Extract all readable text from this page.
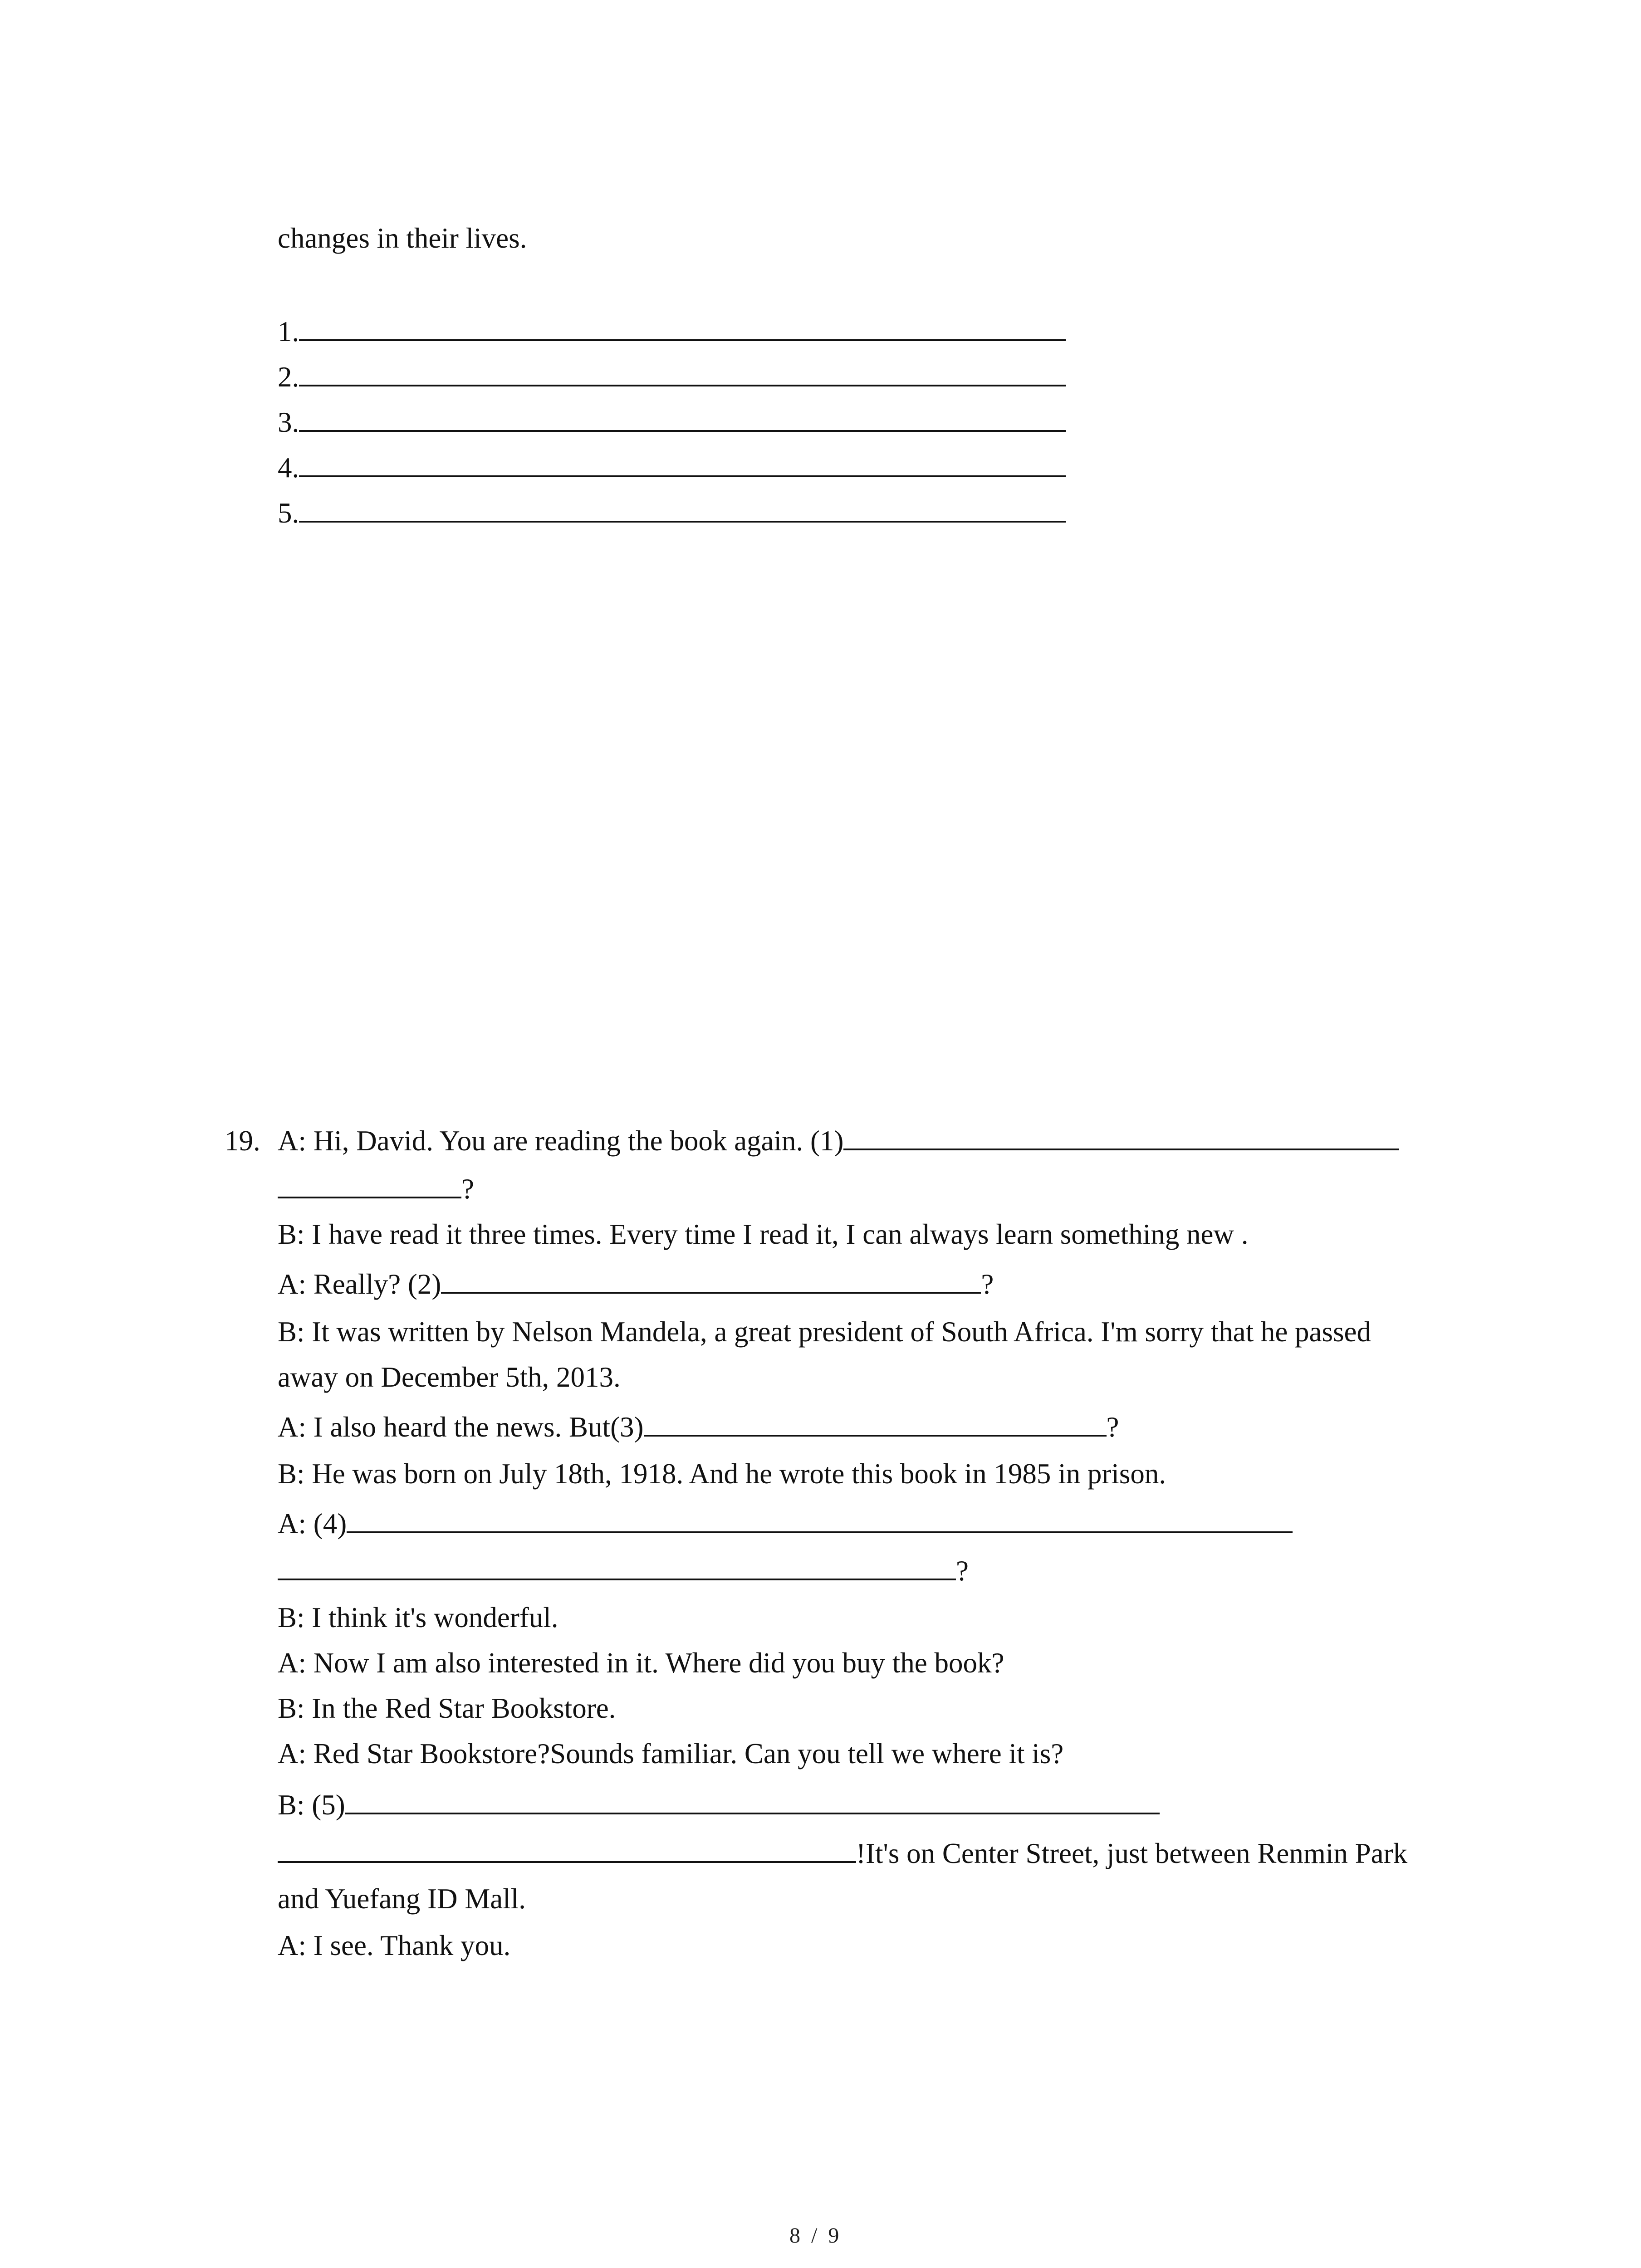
changes in their lives.
1.
2.
3.
4.
5.
19. A: Hi, David. You are reading the book again. (1)
?
B: I have read it three times. Every time I read it, I can always learn something new .
A: Really? (2)	?
B: It was written by Nelson Mandela, a great president of South Africa. I'm sorry that he passed
away on December 5th, 2013.
A: I also heard the news. But(3)	?
B: He was born on July 18th, 1918. And he wrote this book in 1985 in prison.
A: (4)
?
B: I think it's wonderful.
A: Now I am also interested in it. Where did you buy the book?
B: In the Red Star Bookstore.
A: Red Star Bookstore?Sounds familiar. Can you tell we where it is?
B: (5)
!It's on Center Street, just between Renmin Park
and Yuefang ID Mall.
A: I see. Thank you.
8 / 9
